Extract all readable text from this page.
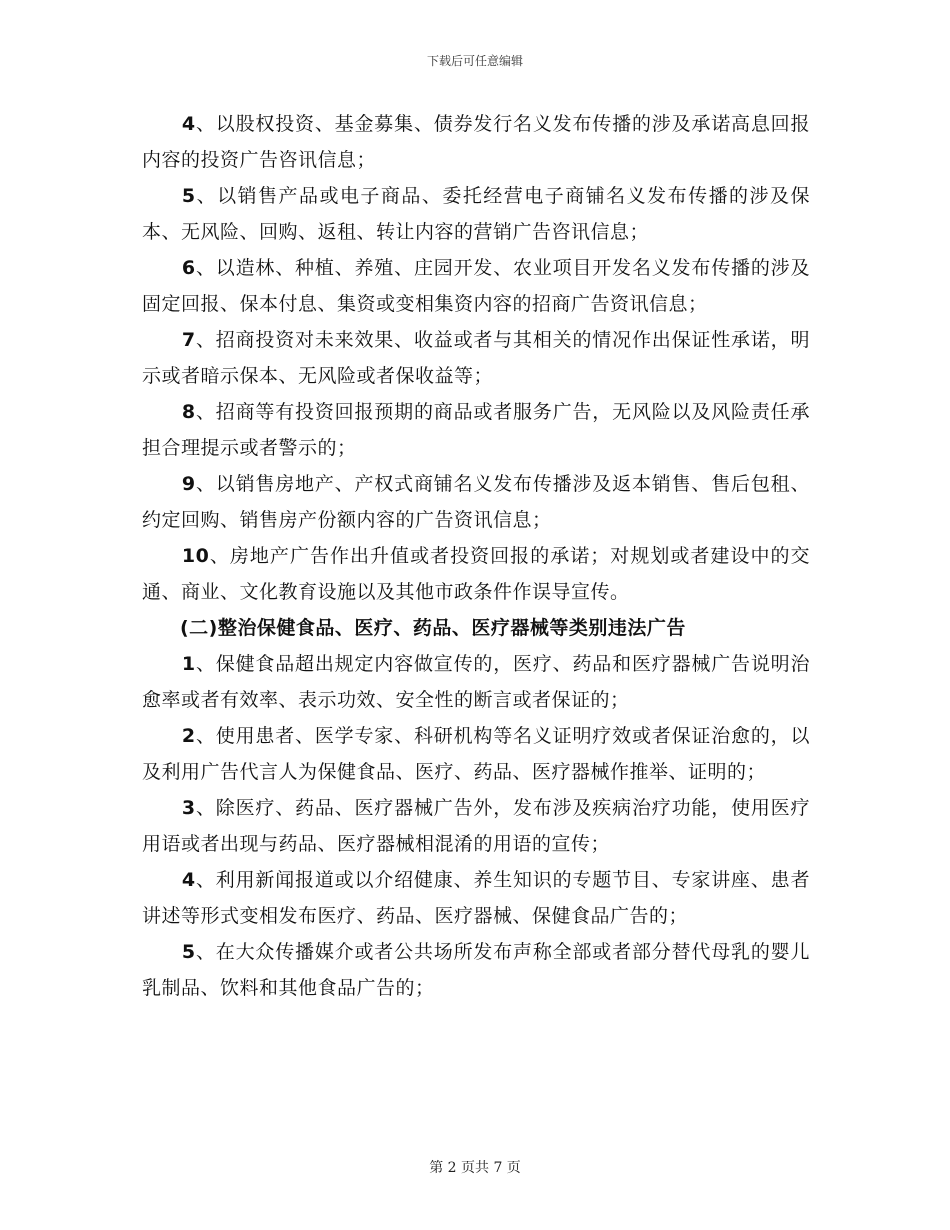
下载后可任意编辑

4、以股权投资、基金募集、债券发行名义发布传播的涉及承诺高息回报内容的投资广告咨讯信息；

5、以销售产品或电子商品、委托经营电子商铺名义发布传播的涉及保本、无风险、回购、返租、转让内容的营销广告咨讯信息；

6、以造林、种植、养殖、庄园开发、农业项目开发名义发布传播的涉及固定回报、保本付息、集资或变相集资内容的招商广告资讯信息；

7、招商投资对未来效果、收益或者与其相关的情况作出保证性承诺，明示或者暗示保本、无风险或者保收益等；

8、招商等有投资回报预期的商品或者服务广告，无风险以及风险责任承担合理提示或者警示的；

9、以销售房地产、产权式商铺名义发布传播涉及返本销售、售后包租、约定回购、销售房产份额内容的广告资讯信息；

10、房地产广告作出升值或者投资回报的承诺；对规划或者建设中的交通、商业、文化教育设施以及其他市政条件作误导宣传。

(二)整治保健食品、医疗、药品、医疗器械等类别违法广告

1、保健食品超出规定内容做宣传的，医疗、药品和医疗器械广告说明治愈率或者有效率、表示功效、安全性的断言或者保证的；

2、使用患者、医学专家、科研机构等名义证明疗效或者保证治愈的，以及利用广告代言人为保健食品、医疗、药品、医疗器械作推举、证明的；

3、除医疗、药品、医疗器械广告外，发布涉及疾病治疗功能，使用医疗用语或者出现与药品、医疗器械相混淆的用语的宣传；

4、利用新闻报道或以介绍健康、养生知识的专题节目、专家讲座、患者讲述等形式变相发布医疗、药品、医疗器械、保健食品广告的；

5、在大众传播媒介或者公共场所发布声称全部或者部分替代母乳的婴儿乳制品、饮料和其他食品广告的；

第 2 页共 7 页
